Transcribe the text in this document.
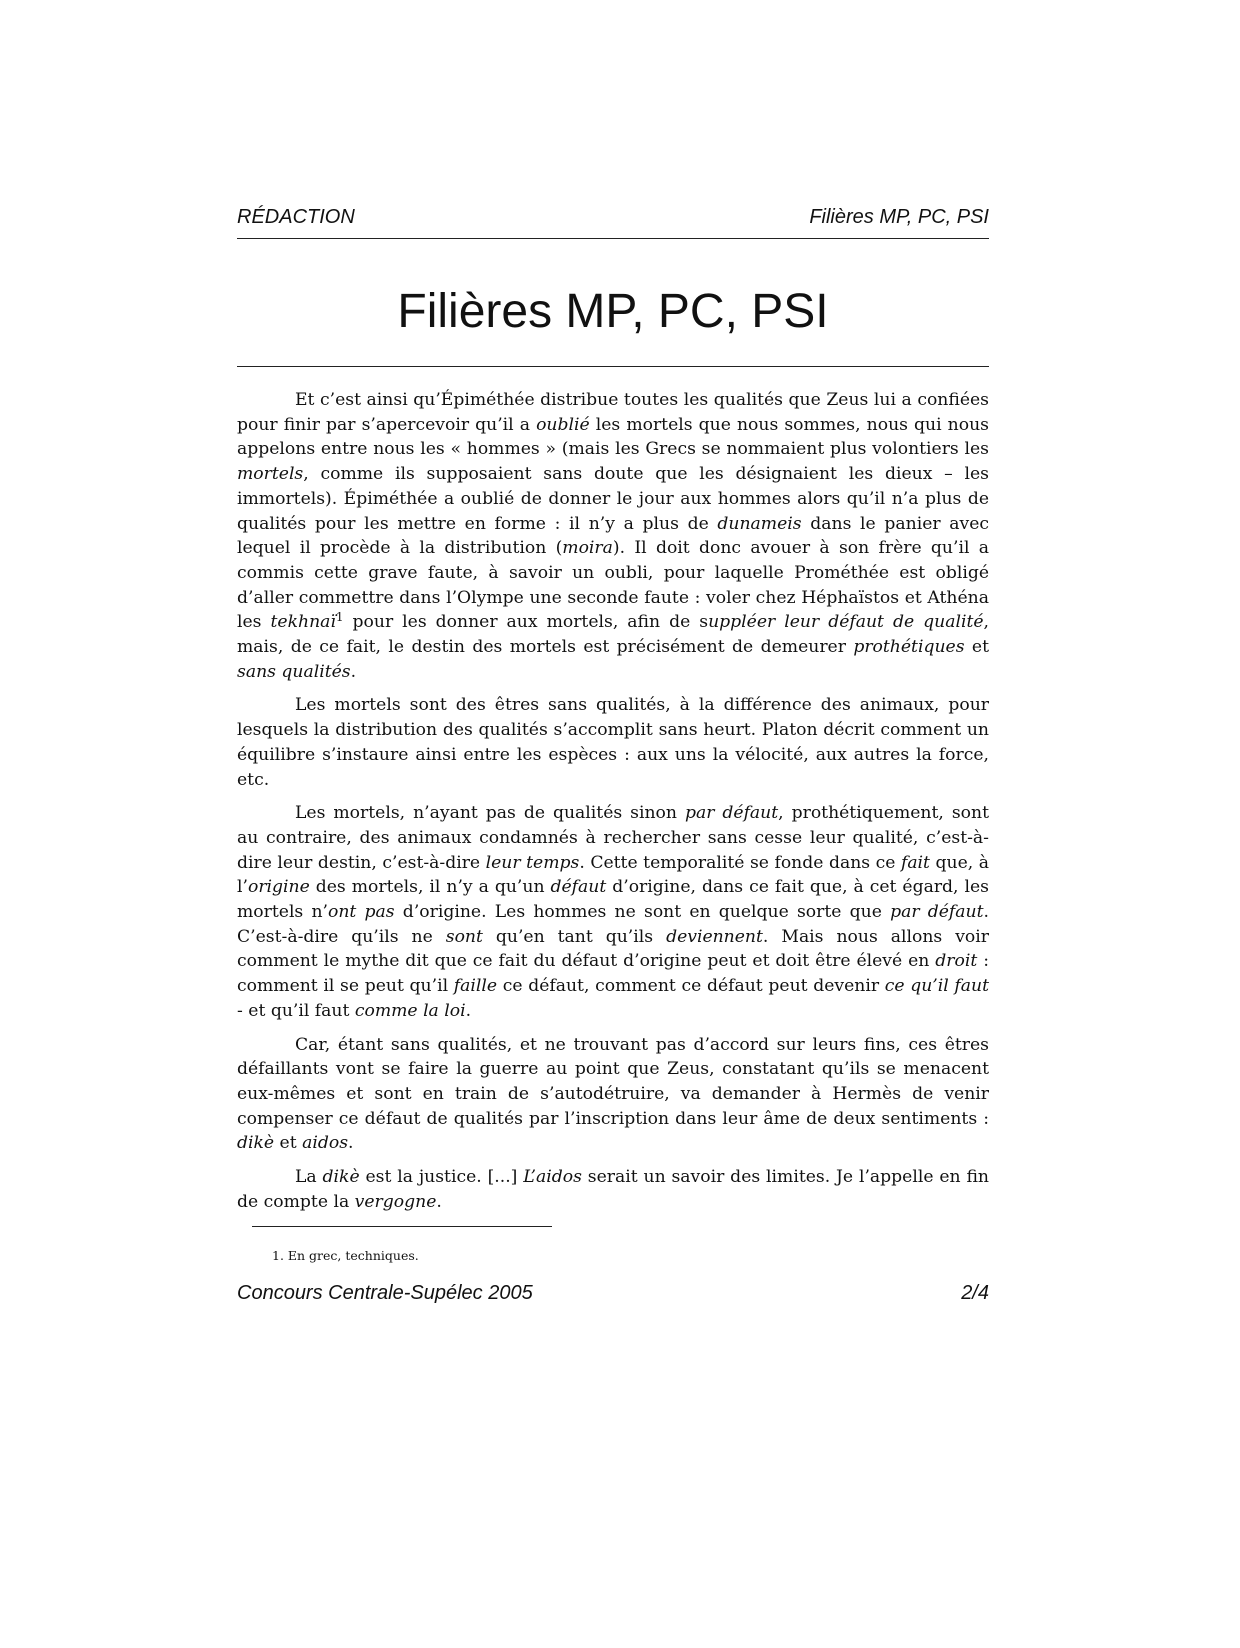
RÉDACTION	Filières MP, PC, PSI
Filières MP, PC, PSI

Et c’est ainsi qu’Épiméthée distribue toutes les qualités que Zeus lui a confiées pour finir par s’apercevoir qu’il a oublié les mortels que nous sommes, nous qui nous appelons entre nous les « hommes » (mais les Grecs se nommaient plus volontiers les mortels, comme ils supposaient sans doute que les désignaient les dieux – les immortels). Épiméthée a oublié de donner le jour aux hommes alors qu’il n’a plus de qualités pour les mettre en forme : il n’y a plus de dunameis dans le panier avec lequel il procède à la distribution (moira). Il doit donc avouer à son frère qu’il a commis cette grave faute, à savoir un oubli, pour laquelle Prométhée est obligé d’aller commettre dans l’Olympe une seconde faute : voler chez Héphaïstos et Athéna les tekhnaï$^1$ pour les donner aux mortels, afin de suppléer leur défaut de qualité, mais, de ce fait, le destin des mortels est précisément de demeurer prothétiques et sans qualités.

Les mortels sont des êtres sans qualités, à la différence des animaux, pour lesquels la distribution des qualités s’accomplit sans heurt. Platon décrit comment un équilibre s’instaure ainsi entre les espèces : aux uns la vélocité, aux autres la force, etc.

Les mortels, n’ayant pas de qualités sinon par défaut, prothétiquement, sont au contraire, des animaux condamnés à rechercher sans cesse leur qualité, c’est-à-dire leur destin, c’est-à-dire leur temps. Cette temporalité se fonde dans ce fait que, à l’origine des mortels, il n’y a qu’un défaut d’origine, dans ce fait que, à cet égard, les mortels n’ont pas d’origine. Les hommes ne sont en quelque sorte que par défaut. C’est-à-dire qu’ils ne sont qu’en tant qu’ils deviennent. Mais nous allons voir comment le mythe dit que ce fait du défaut d’origine peut et doit être élevé en droit : comment il se peut qu’il faille ce défaut, comment ce défaut peut devenir ce qu’il faut - et qu’il faut comme la loi.

Car, étant sans qualités, et ne trouvant pas d’accord sur leurs fins, ces êtres défaillants vont se faire la guerre au point que Zeus, constatant qu’ils se menacent eux-mêmes et sont en train de s’autodétruire, va demander à Hermès de venir compenser ce défaut de qualités par l’inscription dans leur âme de deux sentiments : dikè et aidos.

La dikè est la justice. [...] L’aidos serait un savoir des limites. Je l’appelle en fin de compte la vergogne.

1. En grec, techniques.
Concours Centrale-Supélec 2005	2/4
